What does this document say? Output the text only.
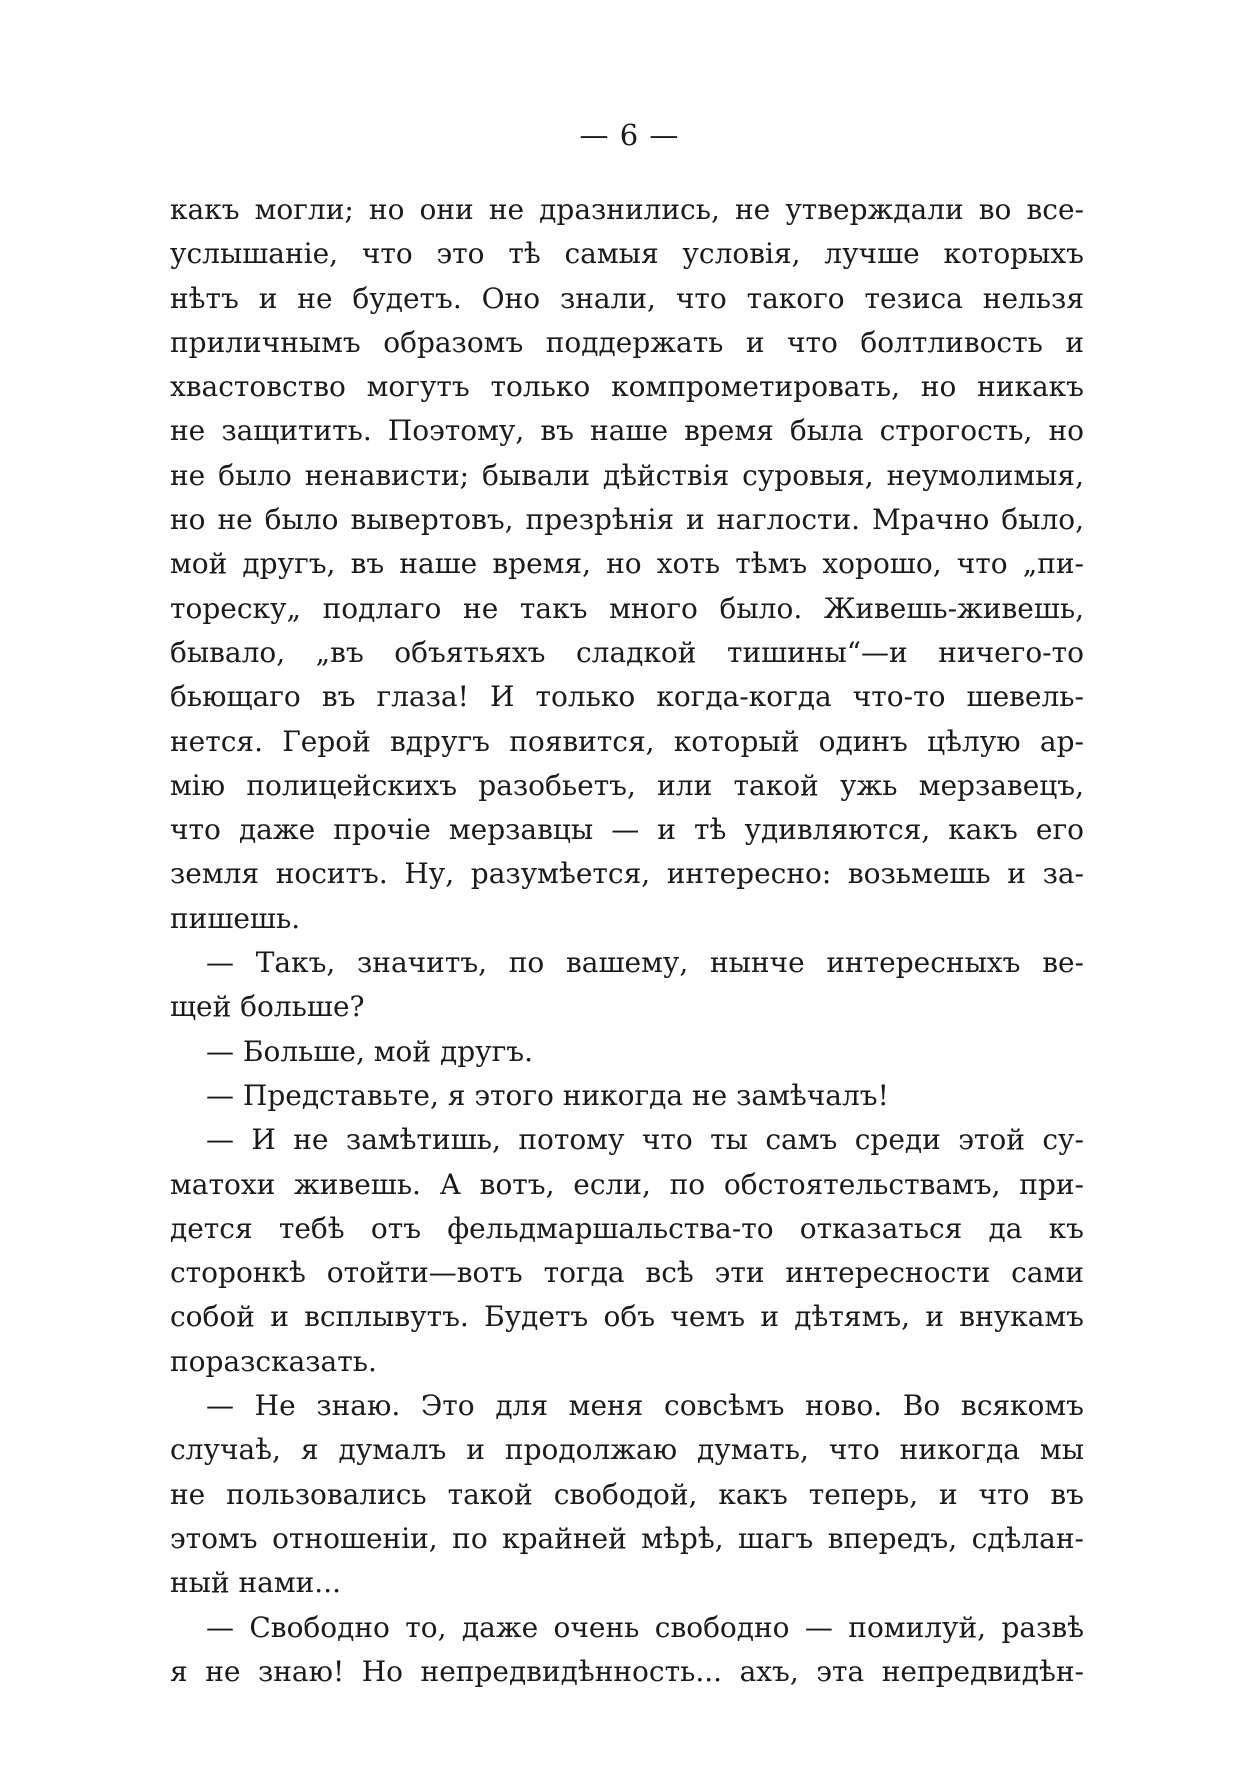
— 6 —
какъ могли; но они не дразнились, не утверждали во все-
услышаніе, что это тѣ самыя условія, лучше которыхъ
нѣтъ и не будетъ. Оно знали, что такого тезиса нельзя
приличнымъ образомъ поддержать и что болтливость и
хвастовство могутъ только компрометировать, но никакъ
не защитить. Поэтому, въ наше время была строгость, но
не было ненависти; бывали дѣйствія суровыя, неумолимыя,
но не было вывертовъ, презрѣнія и наглости. Мрачно было,
мой другъ, въ наше время, но хоть тѣмъ хорошо, что „пи-
тореску„ подлаго не такъ много было. Живешь-живешь,
бывало, „въ объятьяхъ сладкой тишины“—и ничего-то
бьющаго въ глаза! И только когда-когда что-то шевель-
нется. Герой вдругъ появится, который одинъ цѣлую ар-
мію полицейскихъ разобьетъ, или такой ужь мерзавецъ,
что даже прочіе мерзавцы — и тѣ удивляются, какъ его
земля носитъ. Ну, разумѣется, интересно: возьмешь и за-
пишешь.
— Такъ, значитъ, по вашему, нынче интересныхъ ве-
щей больше?
— Больше, мой другъ.
— Представьте, я этого никогда не замѣчалъ!
— И не замѣтишь, потому что ты самъ среди этой су-
матохи живешь. А вотъ, если, по обстоятельствамъ, при-
дется тебѣ отъ фельдмаршальства-то отказаться да къ
сторонкѣ отойти—вотъ тогда всѣ эти интересности сами
собой и всплывутъ. Будетъ объ чемъ и дѣтямъ, и внукамъ
поразсказать.
— Не знаю. Это для меня совсѣмъ ново. Во всякомъ
случаѣ, я думалъ и продолжаю думать, что никогда мы
не пользовались такой свободой, какъ теперь, и что въ
этомъ отношеніи, по крайней мѣрѣ, шагъ впередъ, сдѣлан-
ный нами...
— Свободно то, даже очень свободно — помилуй, развѣ
я не знаю! Но непредвидѣнность... ахъ, эта непредвидѣн-
